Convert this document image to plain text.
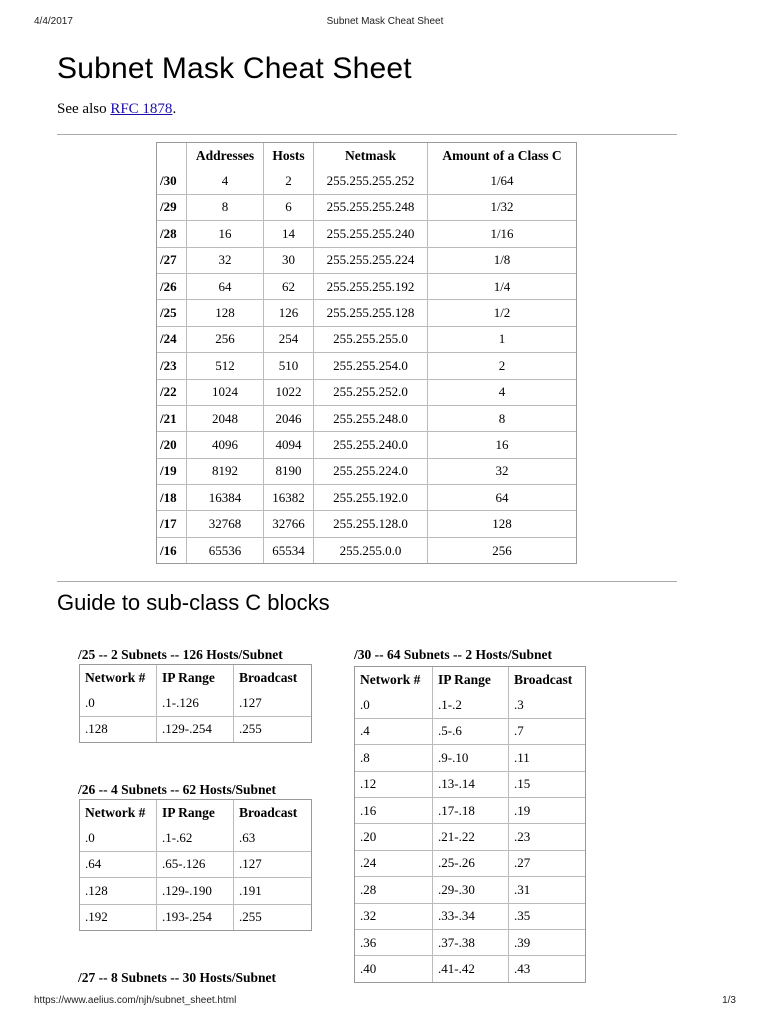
4/4/2017	Subnet Mask Cheat Sheet
Subnet Mask Cheat Sheet
See also RFC 1878.
	Addresses	Hosts	Netmask	Amount of a Class C
/30	4	2	255.255.255.252	1/64
/29	8	6	255.255.255.248	1/32
/28	16	14	255.255.255.240	1/16
/27	32	30	255.255.255.224	1/8
/26	64	62	255.255.255.192	1/4
/25	128	126	255.255.255.128	1/2
/24	256	254	255.255.255.0	1
/23	512	510	255.255.254.0	2
/22	1024	1022	255.255.252.0	4
/21	2048	2046	255.255.248.0	8
/20	4096	4094	255.255.240.0	16
/19	8192	8190	255.255.224.0	32
/18	16384	16382	255.255.192.0	64
/17	32768	32766	255.255.128.0	128
/16	65536	65534	255.255.0.0	256
Guide to sub-class C blocks
/25 -- 2 Subnets -- 126 Hosts/Subnet
Network #	IP Range	Broadcast
.0	.1-.126	.127
.128	.129-.254	.255
/26 -- 4 Subnets -- 62 Hosts/Subnet
Network #	IP Range	Broadcast
.0	.1-.62	.63
.64	.65-.126	.127
.128	.129-.190	.191
.192	.193-.254	.255
/27 -- 8 Subnets -- 30 Hosts/Subnet
/30 -- 64 Subnets -- 2 Hosts/Subnet
Network #	IP Range	Broadcast
.0	.1-.2	.3
.4	.5-.6	.7
.8	.9-.10	.11
.12	.13-.14	.15
.16	.17-.18	.19
.20	.21-.22	.23
.24	.25-.26	.27
.28	.29-.30	.31
.32	.33-.34	.35
.36	.37-.38	.39
.40	.41-.42	.43
https://www.aelius.com/njh/subnet_sheet.html	1/3
